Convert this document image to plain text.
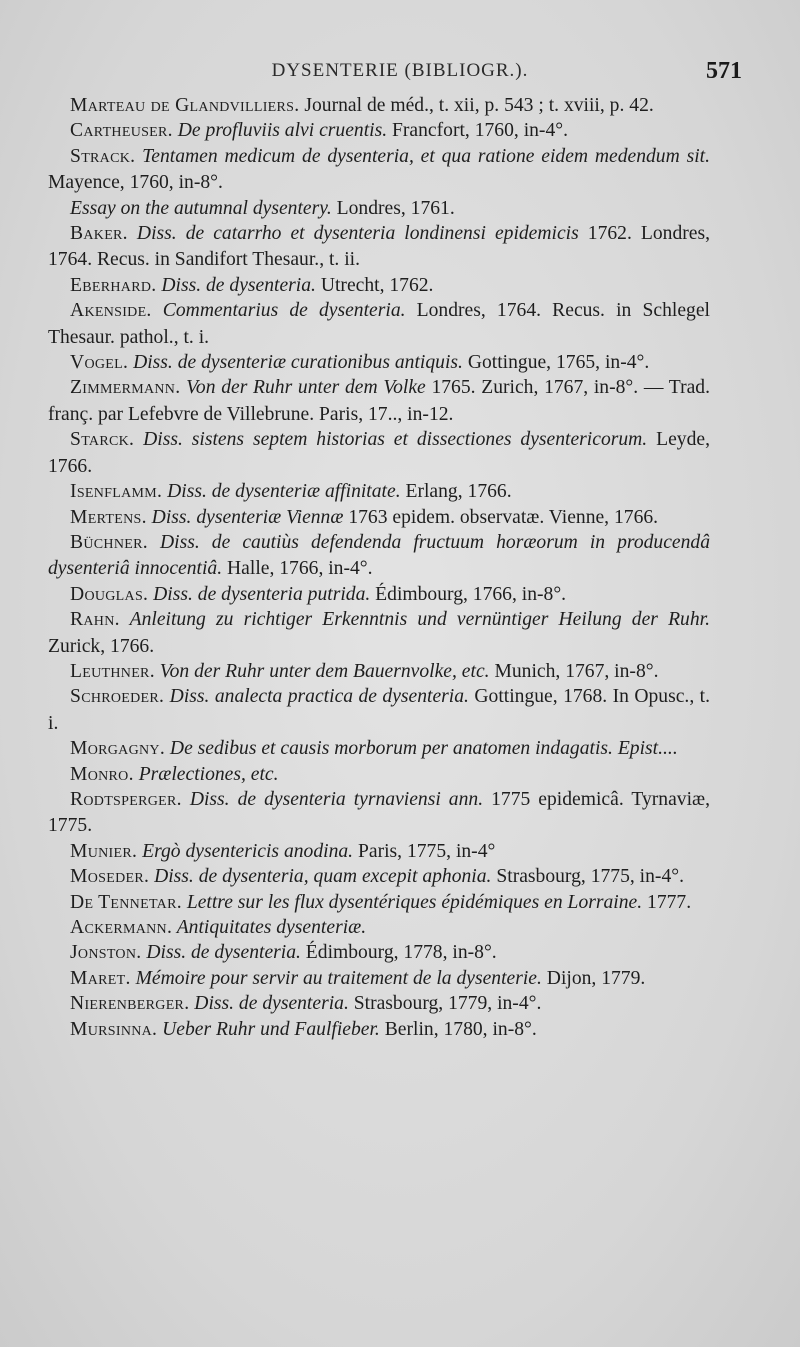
DYSENTERIE (BIBLIOGR.).	571

Marteau de Glandvilliers. Journal de méd., t. xii, p. 543 ; t. xviii, p. 42.

Cartheuser. De profluviis alvi cruentis. Francfort, 1760, in-4°.

Strack. Tentamen medicum de dysenteria, et qua ratione eidem medendum sit. Mayence, 1760, in-8°.

Essay on the autumnal dysentery. Londres, 1761.

Baker. Diss. de catarrho et dysenteria londinensi epidemicis 1762. Londres, 1764. Recus. in Sandifort Thesaur., t. ii.

Eberhard. Diss. de dysenteria. Utrecht, 1762.

Akenside. Commentarius de dysenteria. Londres, 1764. Recus. in Schlegel Thesaur. pathol., t. i.

Vogel. Diss. de dysenteriæ curationibus antiquis. Gottingue, 1765, in-4°.

Zimmermann. Von der Ruhr unter dem Volke 1765. Zurich, 1767, in-8°. — Trad. franç. par Lefebvre de Villebrune. Paris, 17.., in-12.

Starck. Diss. sistens septem historias et dissectiones dysentericorum. Leyde, 1766.

Isenflamm. Diss. de dysenteriæ affinitate. Erlang, 1766.

Mertens. Diss. dysenteriæ Viennæ 1763 epidem. observatæ. Vienne, 1766.

Büchner. Diss. de cautiùs defendenda fructuum horæorum in producendâ dysenteriâ innocentiâ. Halle, 1766, in-4°.

Douglas. Diss. de dysenteria putrida. Édimbourg, 1766, in-8°.

Rahn. Anleitung zu richtiger Erkenntnis und vernüntiger Heilung der Ruhr. Zurick, 1766.

Leuthner. Von der Ruhr unter dem Bauernvolke, etc. Munich, 1767, in-8°.

Schroeder. Diss. analecta practica de dysenteria. Gottingue, 1768. In Opusc., t. i.

Morgagny. De sedibus et causis morborum per anatomen indagatis. Epist....

Monro. Prælectiones, etc.

Rodtsperger. Diss. de dysenteria tyrnaviensi ann. 1775 epidemicâ. Tyrnaviæ, 1775.

Munier. Ergò dysentericis anodina. Paris, 1775, in-4°

Moseder. Diss. de dysenteria, quam excepit aphonia. Strasbourg, 1775, in-4°.

De Tennetar. Lettre sur les flux dysentériques épidémiques en Lorraine. 1777.

Ackermann. Antiquitates dysenteriæ.

Jonston. Diss. de dysenteria. Édimbourg, 1778, in-8°.

Maret. Mémoire pour servir au traitement de la dysenterie. Dijon, 1779.

Nierenberger. Diss. de dysenteria. Strasbourg, 1779, in-4°.

Mursinna. Ueber Ruhr und Faulfieber. Berlin, 1780, in-8°.
